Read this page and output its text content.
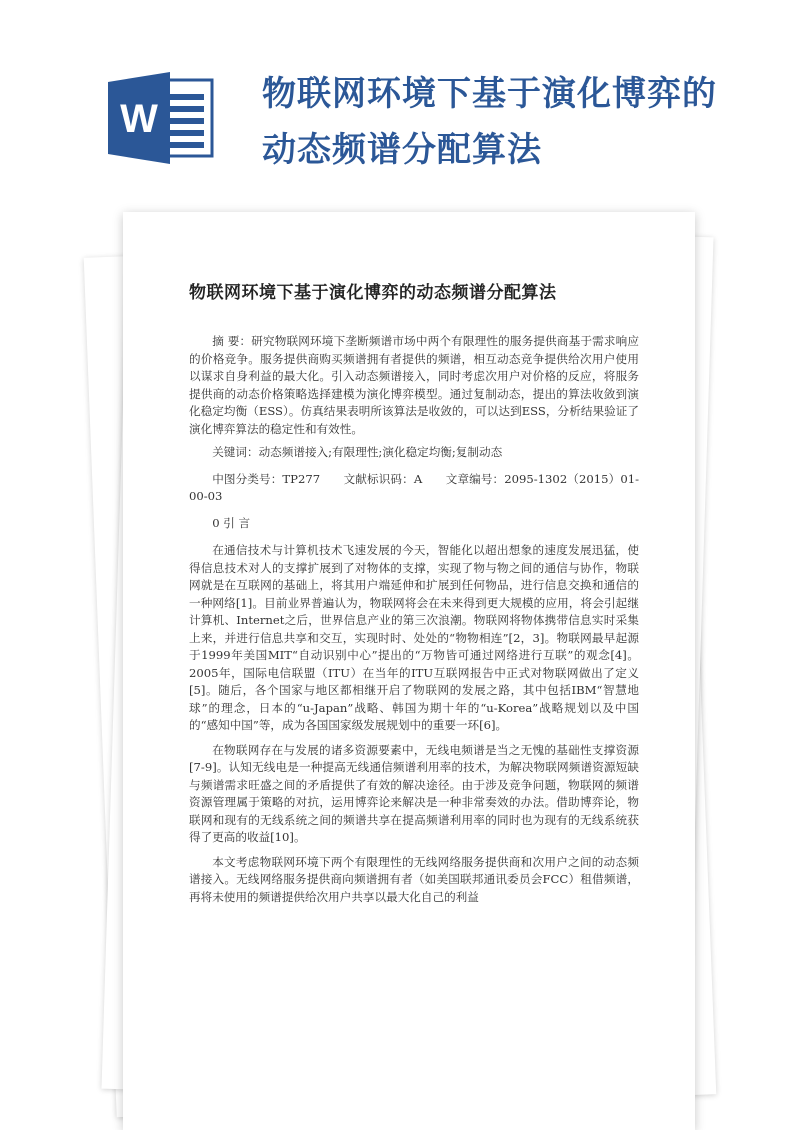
W
物联网环境下基于演化博弈的动态频谱分配算法
物联网环境下基于演化博弈的动态频谱分配算法

摘 要：研究物联网环境下垄断频谱市场中两个有限理性的服务提供商基于需求响应的价格竞争。服务提供商购买频谱拥有者提供的频谱，相互动态竞争提供给次用户使用以谋求自身利益的最大化。引入动态频谱接入，同时考虑次用户对价格的反应，将服务提供商的动态价格策略选择建模为演化博弈模型。通过复制动态，提出的算法收敛到演化稳定均衡（ESS）。仿真结果表明所该算法是收敛的，可以达到ESS，分析结果验证了演化博弈算法的稳定性和有效性。

关键词：动态频谱接入;有限理性;演化稳定均衡;复制动态

中图分类号：TP277　　文献标识码：A　　文章编号：2095-1302（2015）01-00-03

0 引 言

在通信技术与计算机技术飞速发展的今天，智能化以超出想象的速度发展迅猛，使得信息技术对人的支撑扩展到了对物体的支撑，实现了物与物之间的通信与协作，物联网就是在互联网的基础上，将其用户端延伸和扩展到任何物品，进行信息交换和通信的一种网络[1]。目前业界普遍认为，物联网将会在未来得到更大规模的应用，将会引起继计算机、Internet之后，世界信息产业的第三次浪潮。物联网将物体携带信息实时采集上来，并进行信息共享和交互，实现时时、处处的“物物相连”[2，3]。物联网最早起源于1999年美国MIT“自动识别中心”提出的“万物皆可通过网络进行互联”的观念[4]。2005年，国际电信联盟（ITU）在当年的ITU互联网报告中正式对物联网做出了定义[5]。随后，各个国家与地区都相继开启了物联网的发展之路，其中包括IBM“智慧地球”的理念，日本的“u-Japan”战略、韩国为期十年的“u-Korea”战略规划以及中国的“感知中国”等，成为各国国家级发展规划中的重要一环[6]。

在物联网存在与发展的诸多资源要素中，无线电频谱是当之无愧的基础性支撑资源[7-9]。认知无线电是一种提高无线通信频谱利用率的技术，为解决物联网频谱资源短缺与频谱需求旺盛之间的矛盾提供了有效的解决途径。由于涉及竞争问题，物联网的频谱资源管理属于策略的对抗，运用博弈论来解决是一种非常奏效的办法。借助博弈论，物联网和现有的无线系统之间的频谱共享在提高频谱利用率的同时也为现有的无线系统获得了更高的收益[10]。

本文考虑物联网环境下两个有限理性的无线网络服务提供商和次用户之间的动态频谱接入。无线网络服务提供商向频谱拥有者（如美国联邦通讯委员会FCC）租借频谱，再将未使用的频谱提供给次用户共享以最大化自己的利益
